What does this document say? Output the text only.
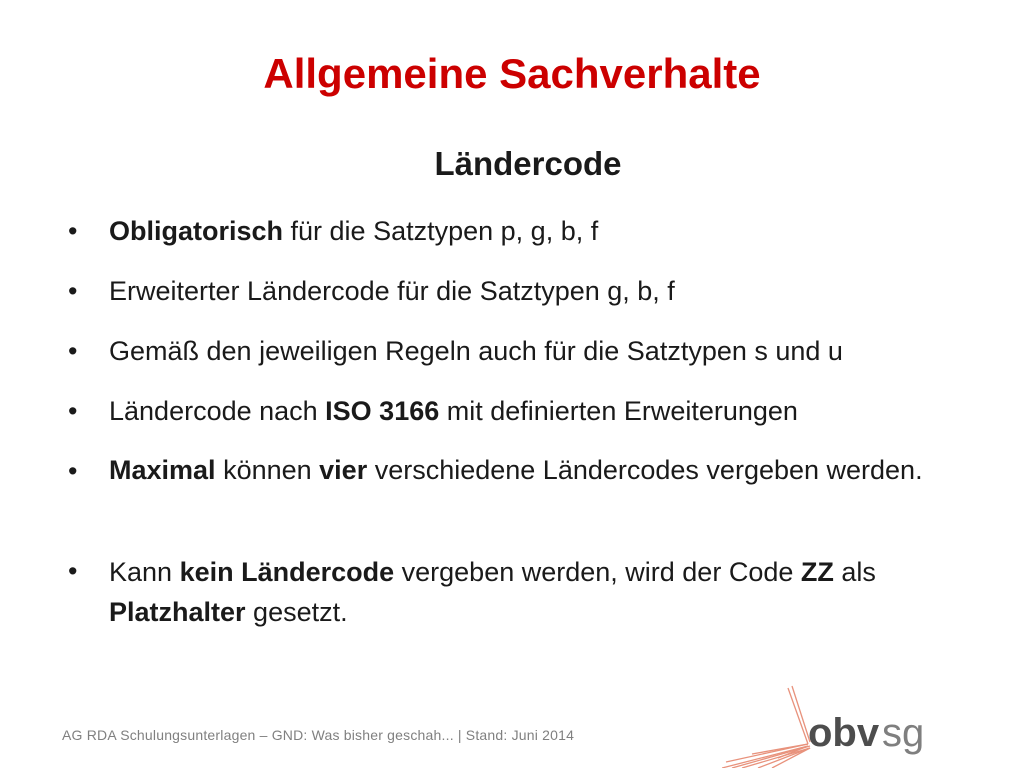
Allgemeine Sachverhalte
Ländercode
•	Obligatorisch für die Satztypen p, g, b, f
•	Erweiterter Ländercode für die Satztypen g, b, f
•	Gemäß den jeweiligen Regeln auch für die Satztypen s und u
•	Ländercode nach ISO 3166 mit definierten Erweiterungen
•	Maximal können vier verschiedene Ländercodes vergeben werden.
•	Kann kein Ländercode vergeben werden, wird der Code ZZ als Platzhalter gesetzt.
AG RDA Schulungsunterlagen – GND: Was bisher geschah... | Stand: Juni 2014	obv sg
